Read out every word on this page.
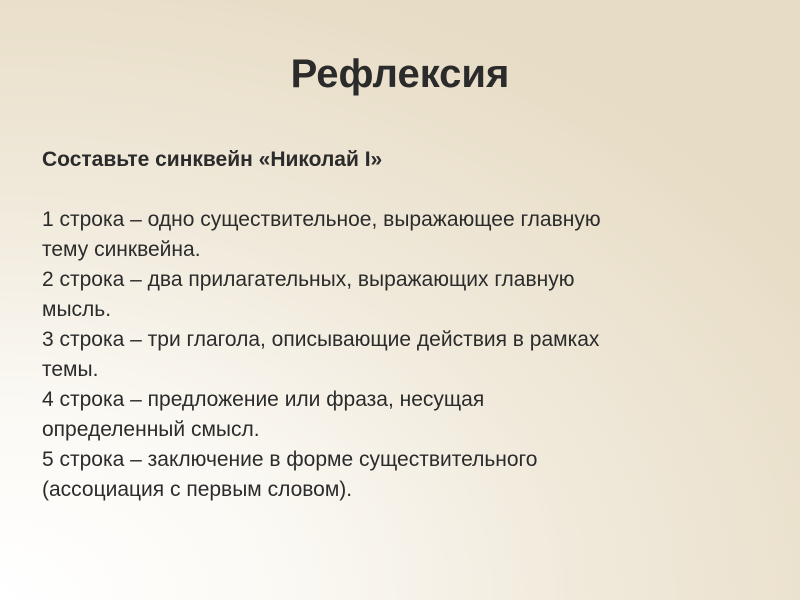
Рефлексия

Составьте синквейн «Николай I»

1 строка – одно существительное, выражающее главную

тему синквейна.

2 строка – два прилагательных, выражающих главную

мысль.

3 строка – три глагола, описывающие действия в рамках

темы.

4 строка – предложение или фраза, несущая

определенный смысл.

5 строка – заключение в форме существительного

(ассоциация с первым словом).
